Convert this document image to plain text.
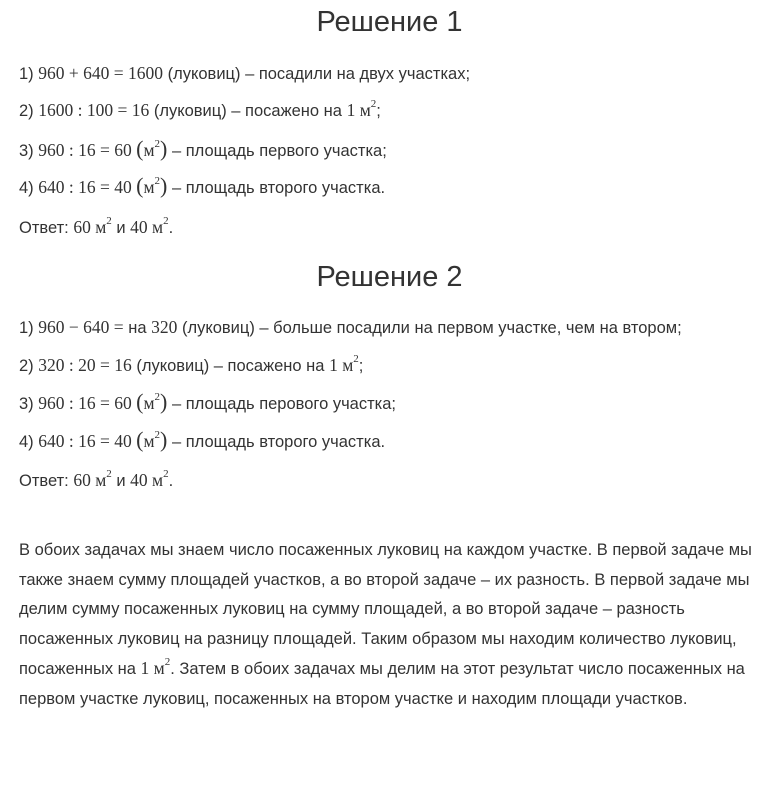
Решение 1
1) 960 + 640 = 1600 (луковиц) – посадили на двух участках;
2) 1600 : 100 = 16 (луковиц) – посажено на 1 $м^2$;
3) 960 : 16 = 60 $(м^2)$ – площадь первого участка;
4) 640 : 16 = 40 $(м^2)$ – площадь второго участка.
Ответ: 60 $м^2$ и 40 $м^2$.
Решение 2
1) 960 − 640 = на 320 (луковиц) – больше посадили на первом участке, чем на втором;
2) 320 : 20 = 16 (луковиц) – посажено на 1 $м^2$;
3) 960 : 16 = 60 $(м^2)$ – площадь перового участка;
4) 640 : 16 = 40 $(м^2)$ – площадь второго участка.
Ответ: 60 $м^2$ и 40 $м^2$.
В обоих задачах мы знаем число посаженных луковиц на каждом участке. В первой задаче мы также знаем сумму площадей участков, а во второй задаче – их разность. В первой задаче мы делим сумму посаженных луковиц на сумму площадей, а во второй задаче – разность посаженных луковиц на разницу площадей. Таким образом мы находим количество луковиц, посаженных на 1 $м^2$. Затем в обоих задачах мы делим на этот результат число посаженных на первом участке луковиц, посаженных на втором участке и находим площади участков.
